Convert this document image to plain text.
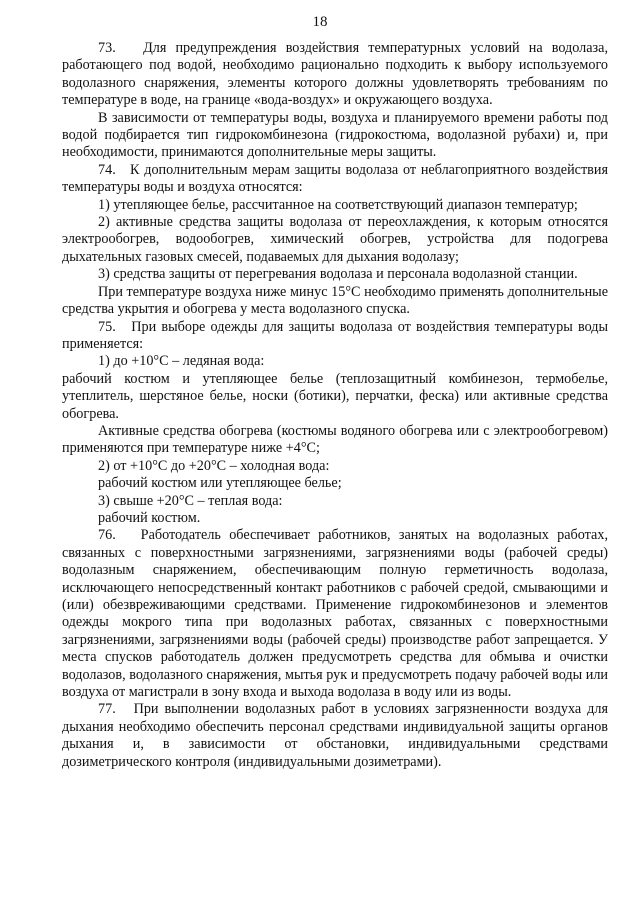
18

73.   Для предупреждения воздействия температурных условий на водолаза, работающего под водой, необходимо рационально подходить к выбору используемого водолазного снаряжения, элементы которого должны удовлетворять требованиям по температуре в воде, на границе «вода-воздух» и окружающего воздуха.

В зависимости от температуры воды, воздуха и планируемого времени работы под водой подбирается тип гидрокомбинезона (гидрокостюма, водолазной рубахи) и, при необходимости, принимаются дополнительные меры защиты.

74.   К дополнительным мерам защиты водолаза от неблагоприятного воздействия температуры воды и воздуха относятся:

1) утепляющее белье, рассчитанное на соответствующий диапазон температур;

2) активные средства защиты водолаза от переохлаждения, к которым относятся электрообогрев, водообогрев, химический обогрев, устройства для подогрева дыхательных газовых смесей, подаваемых для дыхания водолазу;

3) средства защиты от перегревания водолаза и персонала водолазной станции.

При температуре воздуха ниже минус 15°С необходимо применять дополнительные средства укрытия и обогрева у места водолазного спуска.

75.   При выборе одежды для защиты водолаза от воздействия температуры воды применяется:

1) до +10°С – ледяная вода:

рабочий костюм и утепляющее белье (теплозащитный комбинезон, термобелье, утеплитель, шерстяное белье, носки (ботики), перчатки, феска) или активные средства обогрева.

Активные средства обогрева (костюмы водяного обогрева или с электрообогревом) применяются при температуре ниже +4°С;

2) от +10°С до +20°С – холодная вода:

рабочий костюм или утепляющее белье;

3) свыше +20°С – теплая вода:

рабочий костюм.

76.   Работодатель обеспечивает работников, занятых на водолазных работах, связанных с поверхностными загрязнениями, загрязнениями воды (рабочей среды) водолазным снаряжением, обеспечивающим полную герметичность водолаза, исключающего непосредственный контакт работников с рабочей средой, смывающими и (или) обезвреживающими средствами. Применение гидрокомбинезонов и элементов одежды мокрого типа при водолазных работах, связанных с поверхностными загрязнениями, загрязнениями воды (рабочей среды) производстве работ запрещается. У места спусков работодатель должен предусмотреть средства для обмыва и очистки водолазов, водолазного снаряжения, мытья рук и предусмотреть подачу рабочей воды или воздуха от магистрали в зону входа и выхода водолаза в воду или из воды.

77.   При выполнении водолазных работ в условиях загрязненности воздуха для дыхания необходимо обеспечить персонал средствами индивидуальной защиты органов дыхания и, в зависимости от обстановки, индивидуальными средствами дозиметрического контроля (индивидуальными дозиметрами).
